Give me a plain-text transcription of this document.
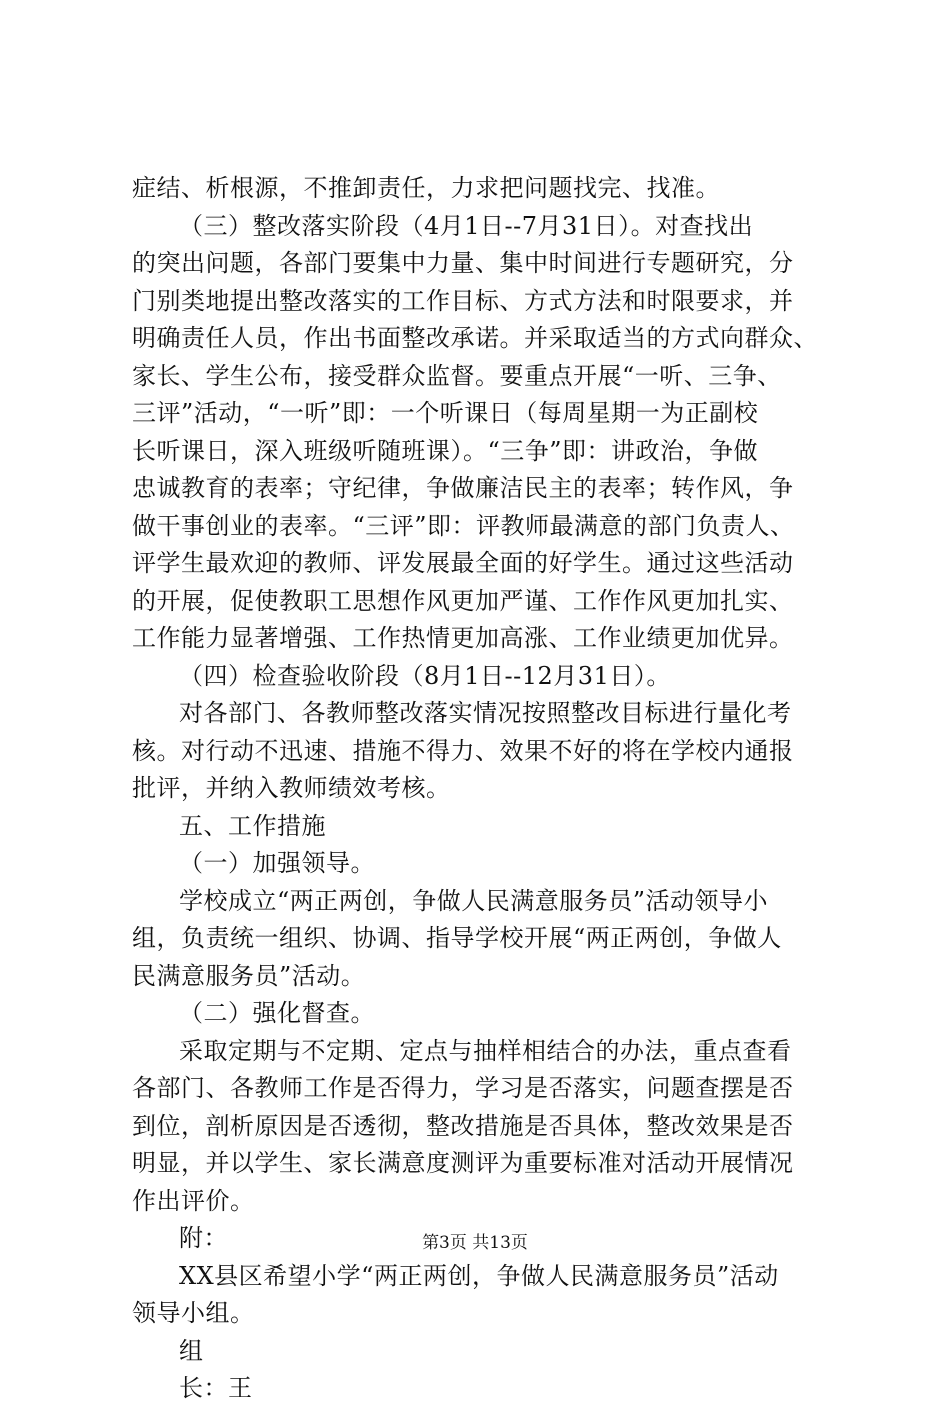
症结、析根源，不推卸责任，力求把问题找完、找准。
（三）整改落实阶段（4月1日--7月31日）。对查找出
的突出问题，各部门要集中力量、集中时间进行专题研究，分
门别类地提出整改落实的工作目标、方式方法和时限要求，并
明确责任人员，作出书面整改承诺。并采取适当的方式向群众、
家长、学生公布，接受群众监督。要重点开展“一听、三争、
三评”活动，“一听”即：一个听课日（每周星期一为正副校
长听课日，深入班级听随班课）。“三争”即：讲政治，争做
忠诚教育的表率；守纪律，争做廉洁民主的表率；转作风，争
做干事创业的表率。“三评”即：评教师最满意的部门负责人、
评学生最欢迎的教师、评发展最全面的好学生。通过这些活动
的开展，促使教职工思想作风更加严谨、工作作风更加扎实、
工作能力显著增强、工作热情更加高涨、工作业绩更加优异。
（四）检查验收阶段（8月1日--12月31日）。
对各部门、各教师整改落实情况按照整改目标进行量化考
核。对行动不迅速、措施不得力、效果不好的将在学校内通报
批评，并纳入教师绩效考核。
五、工作措施
（一）加强领导。
学校成立“两正两创，争做人民满意服务员”活动领导小
组，负责统一组织、协调、指导学校开展“两正两创，争做人
民满意服务员”活动。
（二）强化督查。
采取定期与不定期、定点与抽样相结合的办法，重点查看
各部门、各教师工作是否得力，学习是否落实，问题查摆是否
到位，剖析原因是否透彻，整改措施是否具体，整改效果是否
明显，并以学生、家长满意度测评为重要标准对活动开展情况
作出评价。
附：
XX县区希望小学“两正两创，争做人民满意服务员”活动
领导小组。
组
长：王
第3页 共13页
